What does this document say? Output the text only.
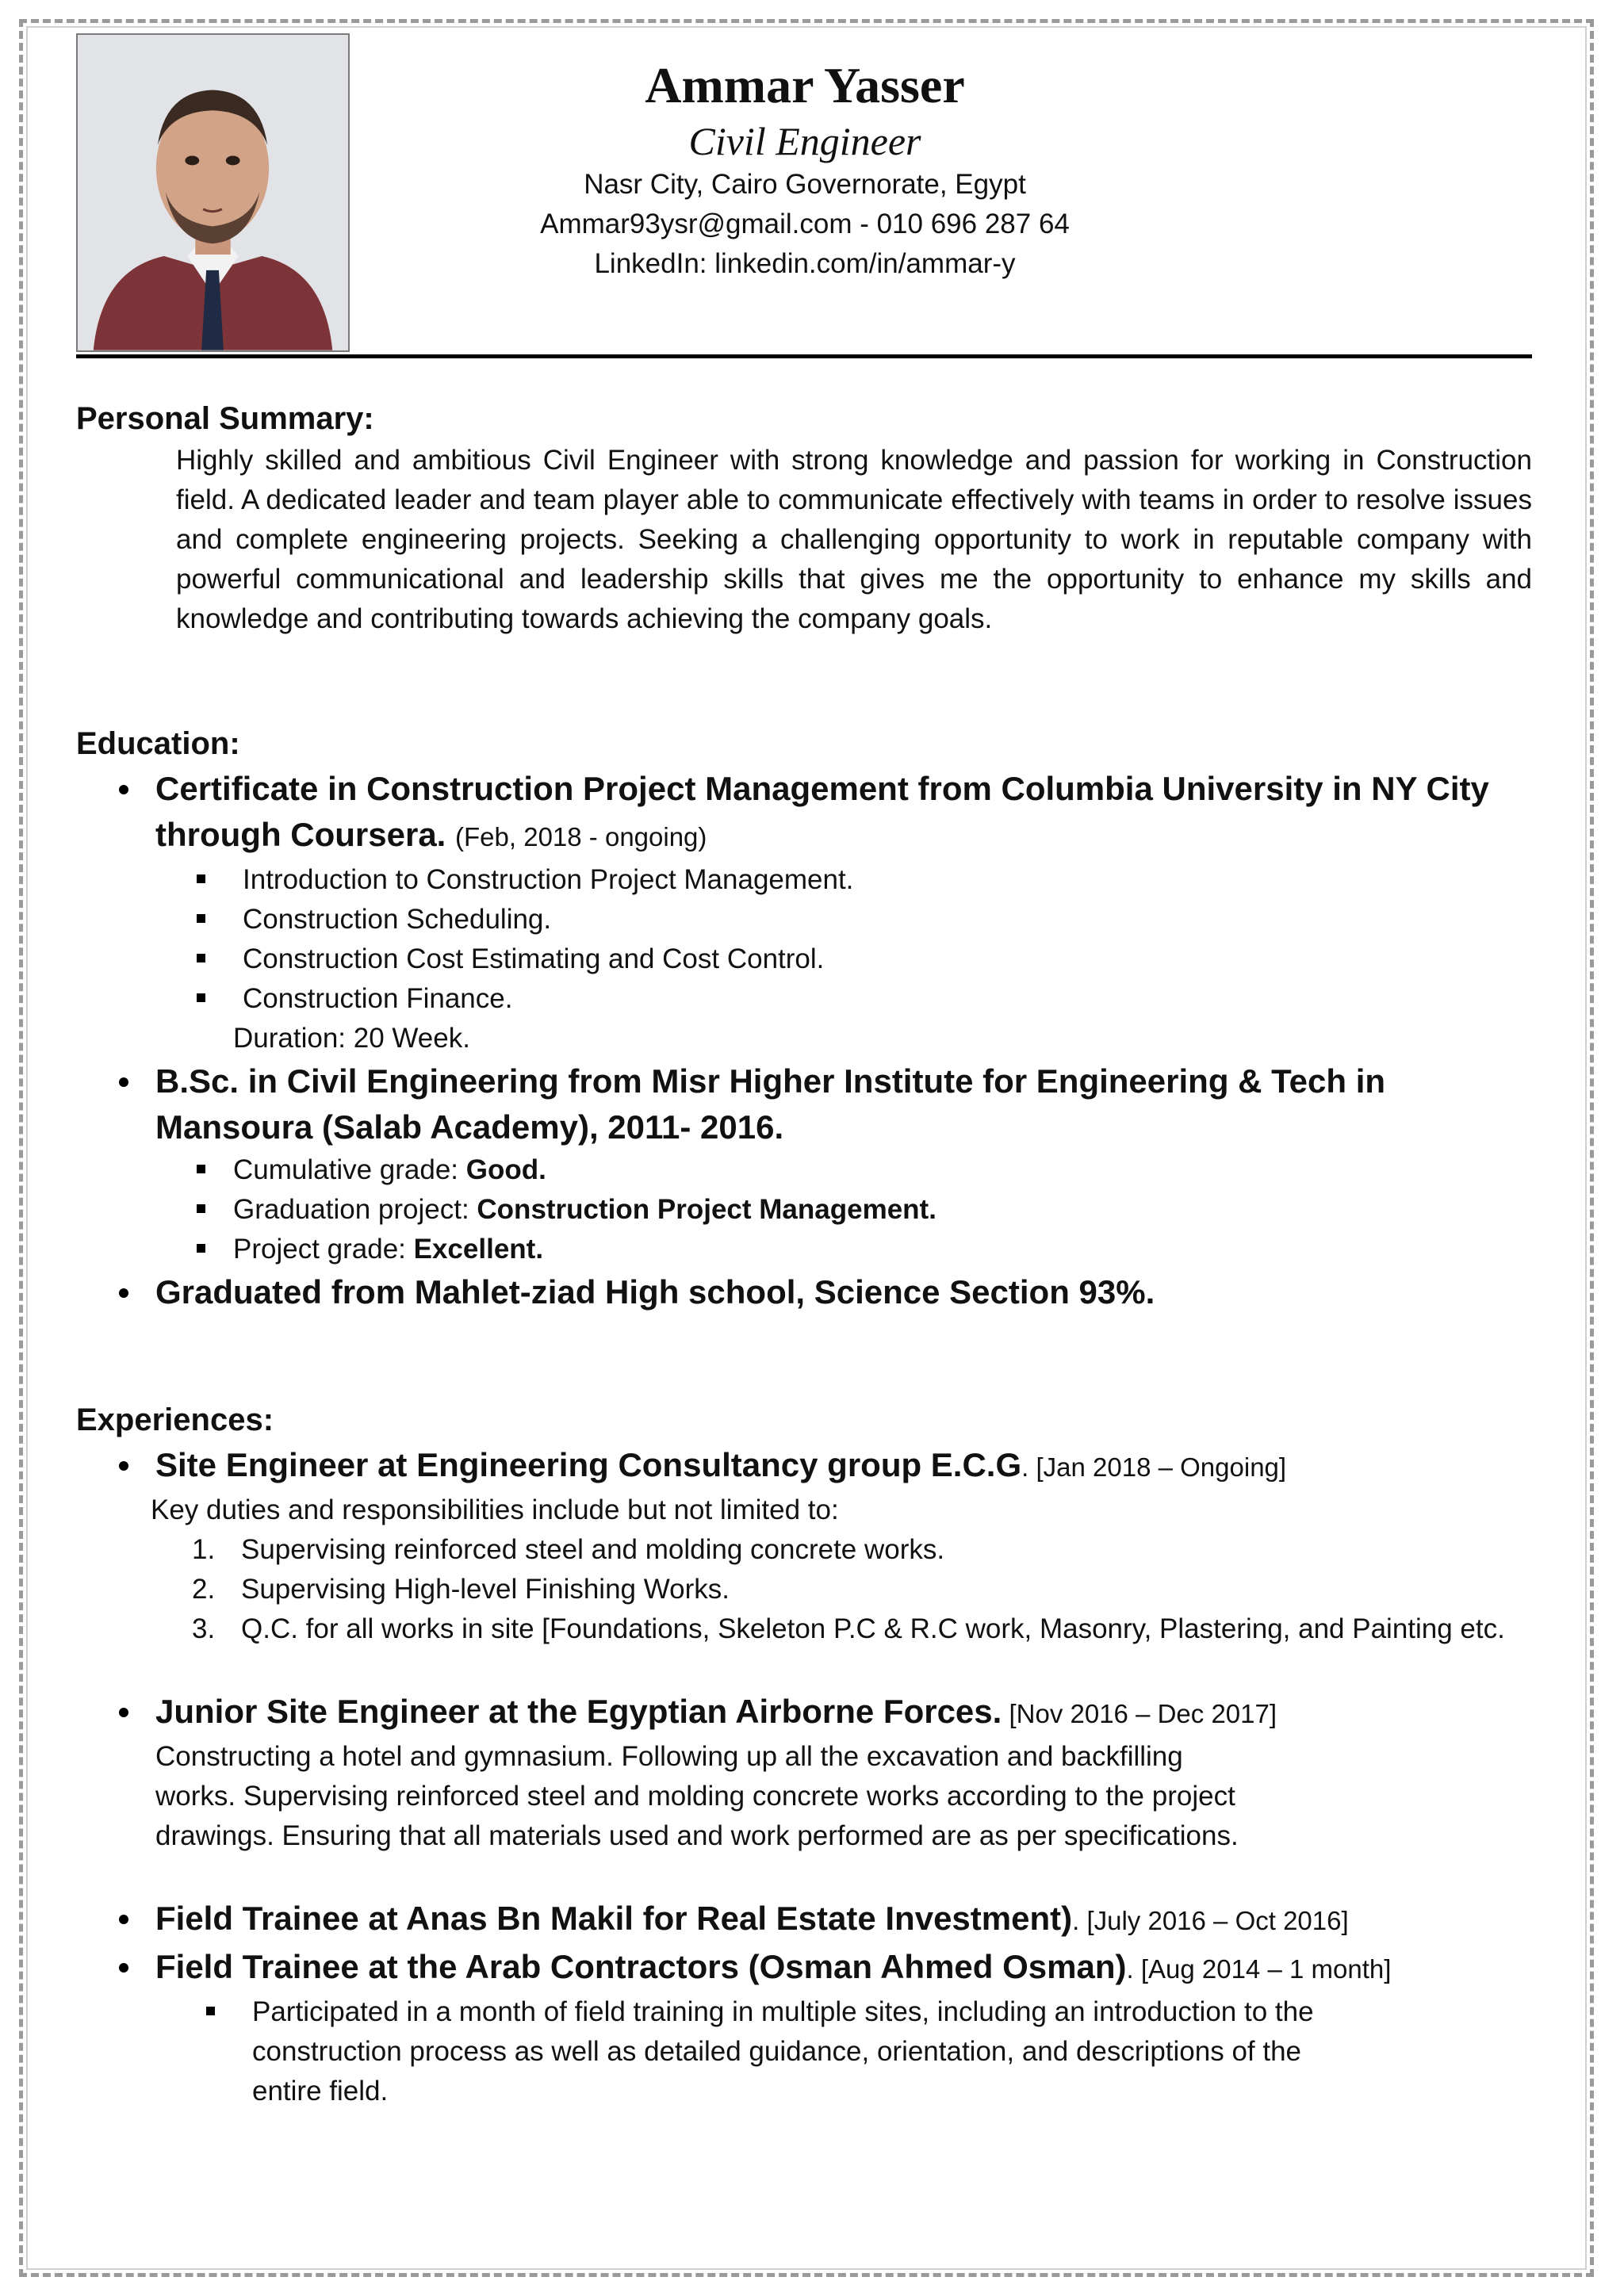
Ammar Yasser
Civil Engineer
Nasr City, Cairo Governorate, Egypt
Ammar93ysr@gmail.com - 010 696 287 64
LinkedIn: linkedin.com/in/ammar-y
Personal Summary:

Highly skilled and ambitious Civil Engineer with strong knowledge and passion for working in Construction field. A dedicated leader and team player able to communicate effectively with teams in order to resolve issues and complete engineering projects. Seeking a challenging opportunity to work in reputable company with powerful communicational and leadership skills that gives me the opportunity to enhance my skills and knowledge and contributing towards achieving the company goals.

Education:
Certificate in Construction Project Management from Columbia University in NY City through Coursera. (Feb, 2018 - ongoing)
Introduction to Construction Project Management.
Construction Scheduling.
Construction Cost Estimating and Cost Control.
Construction Finance.
Duration: 20 Week.
B.Sc. in Civil Engineering from Misr Higher Institute for Engineering & Tech in Mansoura (Salab Academy), 2011- 2016.
Cumulative grade: Good.
Graduation project: Construction Project Management.
Project grade: Excellent.
Graduated from Mahlet-ziad High school, Science Section 93%.
Experiences:
Site Engineer at Engineering Consultancy group E.C.G. [Jan 2018 – Ongoing]
Key duties and responsibilities include but not limited to:
1. Supervising reinforced steel and molding concrete works.
2. Supervising High-level Finishing Works.
3. Q.C. for all works in site [Foundations, Skeleton P.C & R.C work, Masonry, Plastering, and Painting etc.
Junior Site Engineer at the Egyptian Airborne Forces. [Nov 2016 – Dec 2017]
Constructing a hotel and gymnasium. Following up all the excavation and backfilling works. Supervising reinforced steel and molding concrete works according to the project drawings. Ensuring that all materials used and work performed are as per specifications.
Field Trainee at Anas Bn Makil for Real Estate Investment). [July 2016 – Oct 2016]
Field Trainee at the Arab Contractors (Osman Ahmed Osman). [Aug 2014 – 1 month]
Participated in a month of field training in multiple sites, including an introduction to the construction process as well as detailed guidance, orientation, and descriptions of the entire field.
